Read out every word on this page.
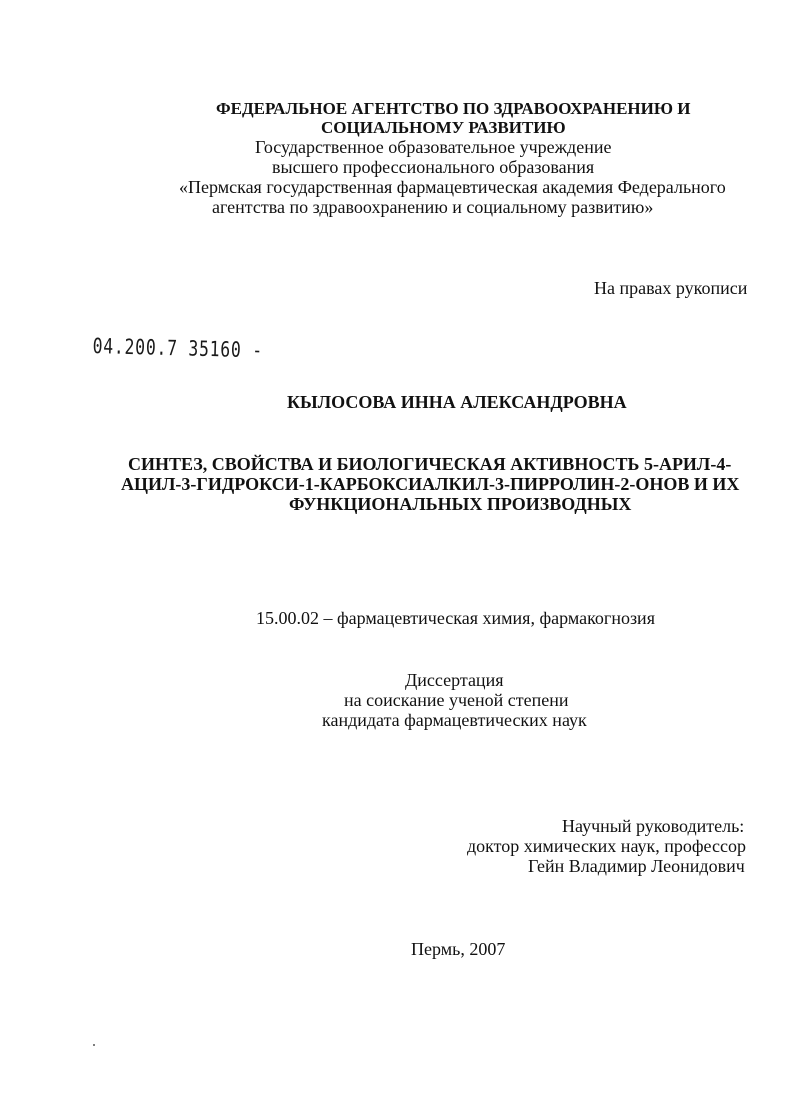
ФЕДЕРАЛЬНОЕ АГЕНТСТВО ПО ЗДРАВООХРАНЕНИЮ И
СОЦИАЛЬНОМУ РАЗВИТИЮ
Государственное образовательное учреждение
высшего профессионального образования
«Пермская государственная фармацевтическая академия Федерального
агентства по здравоохранению и социальному развитию»
На правах рукописи
04.200.7 35160 -
КЫЛОСОВА ИННА АЛЕКСАНДРОВНА
СИНТЕЗ, СВОЙСТВА И БИОЛОГИЧЕСКАЯ АКТИВНОСТЬ 5-АРИЛ-4-
АЦИЛ-3-ГИДРОКСИ-1-КАРБОКСИАЛКИЛ-3-ПИРРОЛИН-2-ОНОВ И ИХ
ФУНКЦИОНАЛЬНЫХ ПРОИЗВОДНЫХ
15.00.02 – фармацевтическая химия, фармакогнозия
Диссертация
на соискание ученой степени
кандидата фармацевтических наук
Научный руководитель:
доктор химических наук, профессор
Гейн Владимир Леонидович
Пермь, 2007
